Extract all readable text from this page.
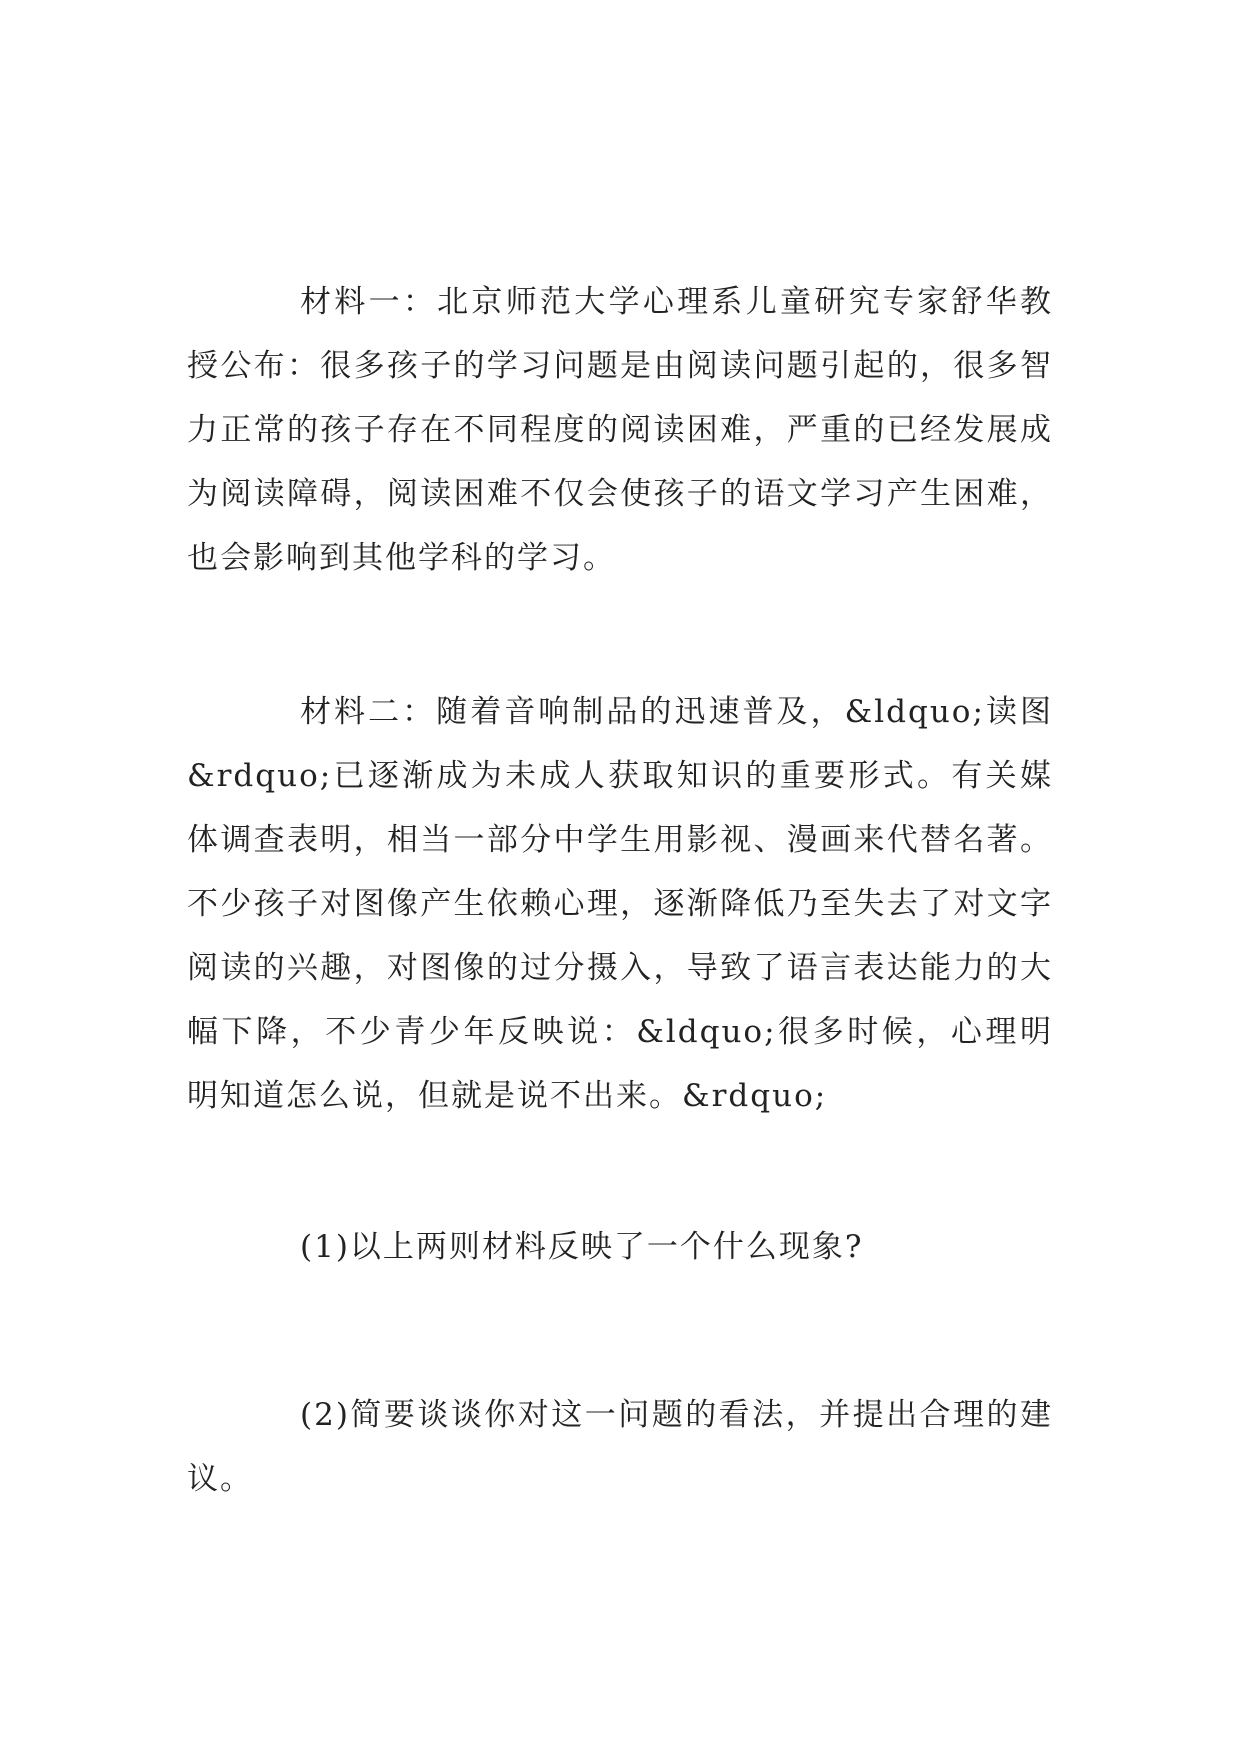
材料一：北京师范大学心理系儿童研究专家舒华教授公布：很多孩子的学习问题是由阅读问题引起的，很多智力正常的孩子存在不同程度的阅读困难，严重的已经发展成为阅读障碍，阅读困难不仅会使孩子的语文学习产生困难，也会影响到其他学科的学习。

材料二：随着音响制品的迅速普及，&ldquo;读图&rdquo;已逐渐成为未成人获取知识的重要形式。有关媒体调查表明，相当一部分中学生用影视、漫画来代替名著。不少孩子对图像产生依赖心理，逐渐降低乃至失去了对文字阅读的兴趣，对图像的过分摄入，导致了语言表达能力的大幅下降，不少青少年反映说：&ldquo;很多时候，心理明明知道怎么说，但就是说不出来。&rdquo;

(1)以上两则材料反映了一个什么现象?

(2)简要谈谈你对这一问题的看法，并提出合理的建议。
